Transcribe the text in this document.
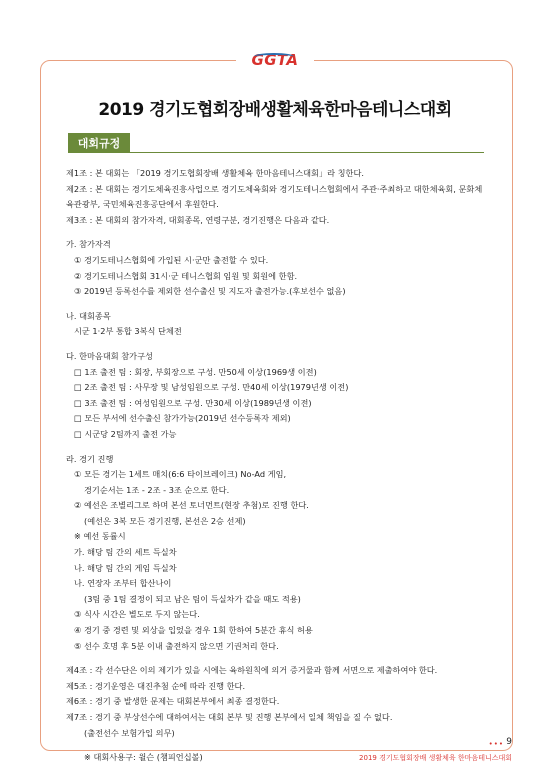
GGTA
2019 경기도협회장배생활체육한마음테니스대회
대회규정
제1조 : 본 대회는 「2019 경기도협회장배 생활체육 한마음테니스대회」라 칭한다.
제2조 : 본 대회는 경기도체육진흥사업으로 경기도체육회와 경기도테니스협회에서 주관·주최하고 대한체육회, 문화체
육관광부, 국민체육진흥공단에서 후원한다.
제3조 : 본 대회의 참가자격, 대회종목, 연령구분, 경기진행은 다음과 같다.
가. 참가자격
① 경기도테니스협회에 가입된 시·군만 출전할 수 있다.
② 경기도테니스협회 31시·군 테니스협회 임원 및 회원에 한함.
③ 2019년 등록선수를 제외한 선수출신 및 지도자 출전가능.(후보선수 없음)
나. 대회종목
시군 1·2부 통합 3복식 단체전
다. 한마음대회 참가구성
□ 1조 출전 팀 : 회장, 부회장으로 구성. 만50세 이상(1969생 이전)
□ 2조 출전 팀 : 사무장 및 남성임원으로 구성. 만40세 이상(1979년생 이전)
□ 3조 출전 팀 : 여성임원으로 구성. 만30세 이상(1989년생 이전)
□ 모든 부서에 선수출신 참가가능(2019년 선수등록자 제외)
□ 시군당 2팀까지 출전 가능
라. 경기 진행
① 모든 경기는 1세트 매치(6:6 타이브레이크) No-Ad 게임,
경기순서는 1조 - 2조 - 3조 순으로 한다.
② 예선은 조별리그로 하며 본선 토너먼트(현장 추첨)로 진행 한다.
(예선은 3복 모든 경기진행, 본선은 2승 선제)
※ 예선 동률시
가. 해당 팀 간의 세트 득실차
나. 해당 팀 간의 게임 득실차
나. 연장자 조부터 합산나이
(3팀 중 1팀 결정이 되고 남은 팀이 득실차가 같을 때도 적용)
③ 식사 시간은 별도로 두지 않는다.
④ 경기 중 경련 및 외상을 입었을 경우 1회 한하여 5분간 휴식 허용
⑤ 선수 호명 후 5분 이내 출전하지 않으면 기권처리 한다.
제4조 : 각 선수단은 이의 제기가 있을 시에는 육하원칙에 의거 증거물과 함께 서면으로 제출하여야 한다.
제5조 : 경기운영은 대진추첨 순에 따라 진행 한다.
제6조 : 경기 중 발생한 문제는 대회본부에서 최종 결정한다.
제7조 : 경기 중 부상선수에 대하여서는 대회 본부 및 진행 본부에서 일체 책임을 질 수 없다.
(출전선수 보험가입 의무)
※ 대회사용구: 윌슨 (챔피언십볼)
••• 9
2019 경기도협회장배 생활체육 한마음테니스대회
